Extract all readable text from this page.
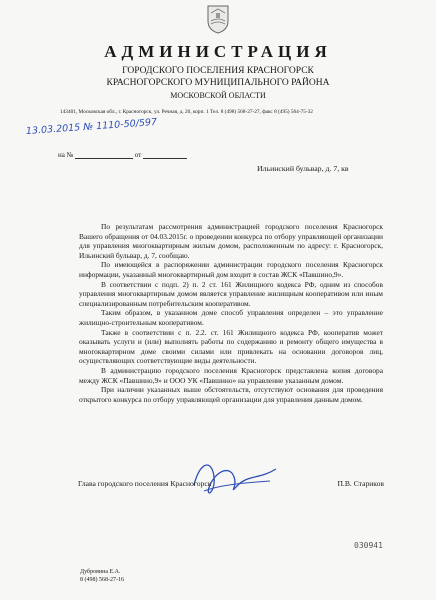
АДМИНИСТРАЦИЯ
ГОРОДСКОГО ПОСЕЛЕНИЯ КРАСНОГОРСК
КРАСНОГОРСКОГО МУНИЦИПАЛЬНОГО РАЙОНА
МОСКОВСКОЙ ОБЛАСТИ
143401, Московская обл., г. Красногорск, ул. Речная, д. 20, корп. 1 Тел. 8 (498) 568-27-27, факс 8 (495) 564-75-32
13.03.2015 № 1110-50/597
на №	от
Ильинский бульвар, д. 7, кв

По результатам рассмотрения администрацией городского поселения Красногорск Вашего обращения от 04.03.2015г. о проведении конкурса по отбору управляющей организации для управления многоквартирным жилым домом, расположенным по адресу: г. Красногорск, Ильинский бульвар, д. 7, сообщаю.

По имеющейся в распоряжении администрации городского поселения Красногорск информации, указанный многоквартирный дом входит в состав ЖСК «Павшино,9».

В соответствии с подп. 2) п. 2 ст. 161 Жилищного кодекса РФ, одним из способов управления многоквартирным домом является управление жилищным кооперативом или иным специализированным потребительским кооперативом.

Таким образом, в указанном доме способ управления определен – это управление жилищно-строительным кооперативом.

Также в соответствии с п. 2.2. ст. 161 Жилищного кодекса РФ, кооператив может оказывать услуги и (или) выполнять работы по содержанию и ремонту общего имущества в многоквартирном доме своими силами или привлекать на основании договоров лиц, осуществляющих соответствующие виды деятельности.

В администрацию городского поселения Красногорск представлена копия договора между ЖСК «Павшино,9» и ООО УК «Павшино» на управление указанным домом.

При наличии указанных выше обстоятельств, отсутствуют основания для проведения открытого конкурса по отбору управляющей организации для управления данным домом.

Глава городского поселения Красногорск	П.В. Стариков
030941
Дубровина Е.А.
8 (498) 568-27-16
